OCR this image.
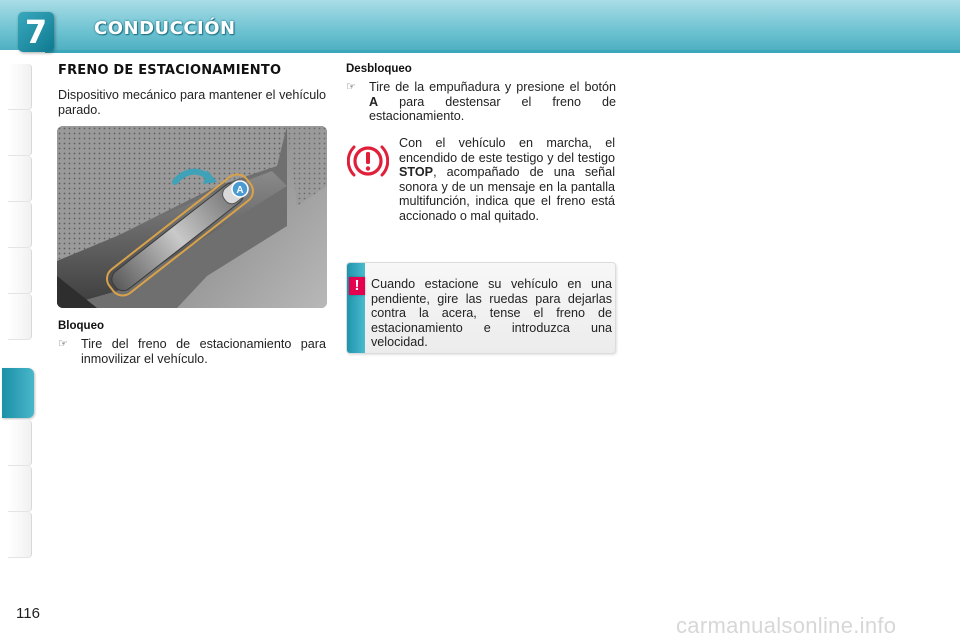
7	CONDUCCIÓN
FRENO DE ESTACIONAMIENTO
Dispositivo mecánico para mantener el vehículo parado.
A
Bloqueo
☞	Tire del freno de estacionamiento para inmovilizar el vehículo.
Desbloqueo
☞	Tire de la empuñadura y presione el botón A para destensar el freno de estacionamiento.
Con el vehículo en marcha, el encendido de este testigo y del testigo STOP, acompañado de una señal sonora y de un mensaje en la pantalla multifunción, indica que el freno está accionado o mal quitado.
! Cuando estacione su vehículo en una pendiente, gire las ruedas para dejarlas contra la acera, tense el freno de estacionamiento e introduzca una velocidad.
116	carmanualsonline.info
